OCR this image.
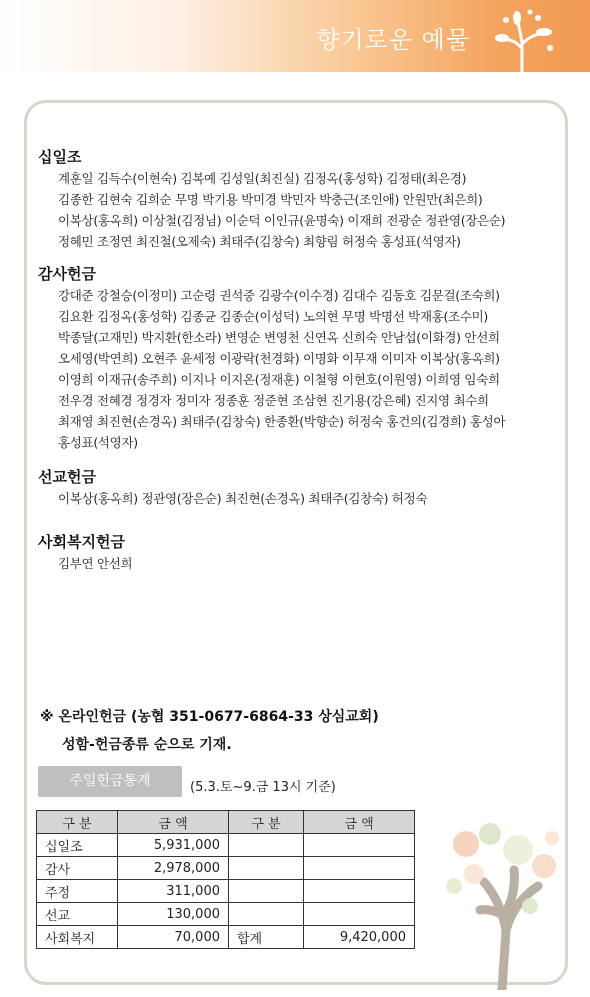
향기로운 예물
십일조
계훈일 김득수(이현숙) 김복예 김성일(최진실) 김정옥(홍성학) 김정태(최은경)
김종한 김현숙 김희순 무명 박기용 박미경 박민자 박충근(조인애) 안원만(최은희)
이복상(홍옥희) 이상철(김정님) 이순덕 이인규(윤명숙) 이재희 전광순 정관영(장은순)
정혜민 조정연 최진철(오제숙) 최태주(김창숙) 최향림 허정숙 홍성표(석영자)
감사헌금
강대준 강철승(이정미) 고순령 권석중 김광수(이수경) 김대수 김동호 김문걸(조숙희)
김요환 김정옥(홍성학) 김종균 김종순(이성덕) 노의현 무명 박명선 박재홍(조수미)
박종달(고재민) 박지환(한소라) 변영순 변영천 신연옥 신희숙 안남섭(이화경) 안선희
오세영(박연희) 오현주 윤세정 이광락(천경화) 이명화 이무재 이미자 이복상(홍옥희)
이영희 이재규(송주희) 이지나 이지온(정재훈) 이철형 이현호(이원영) 이희영 임숙희
전우경 전혜경 정경자 정미자 정종훈 정준현 조삼현 진기용(강은혜) 진지영 최수희
최재영 최진현(손경옥) 최태주(김창숙) 한종환(박향순) 허정숙 홍건의(김경희) 홍성아
홍성표(석영자)
선교헌금
이복상(홍옥희) 정관영(장은순) 최진현(손경옥) 최태주(김창숙) 허정숙
사회복지헌금
김부연 안선희
※ 온라인헌금 (농협 351-0677-6864-33 상심교회)
성함-헌금종류 순으로 기재.
주일헌금통계	(5.3.토~9.금 13시 기준)
구 분	금 액	구 분	금 액
십일조	5,931,000		
감사	2,978,000		
주정	311,000		
선교	130,000		
사회복지	70,000	합계	9,420,000
